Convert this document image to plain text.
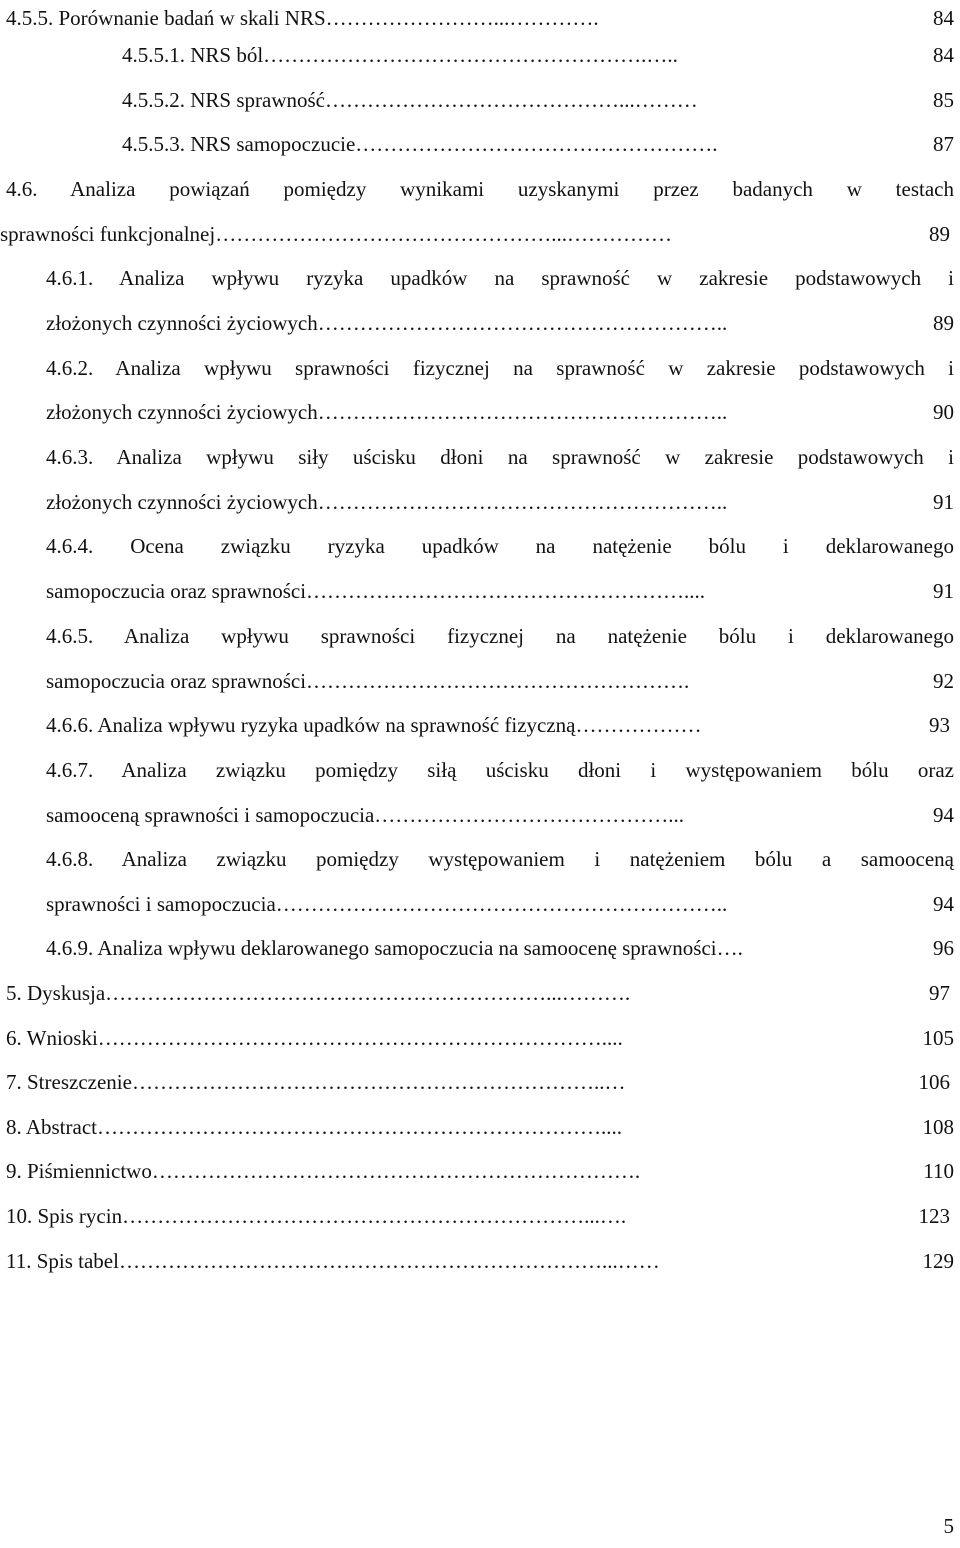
4.5.5. Porównanie badań w skali NRS……………………...………….	84
4.5.5.1. NRS ból……………………………………………….…..	84
4.5.5.2. NRS sprawność……………………………………...………	85
4.5.5.3. NRS samopoczucie…………………………………………….	87
4.6. Analiza powiązań pomiędzy wynikami uzyskanymi przez badanych w testach
sprawności funkcjonalnej…………………………………………...……………	89
4.6.1. Analiza wpływu ryzyka upadków na sprawność w zakresie podstawowych i
złożonych czynności życiowych…………………………………………………..	89
4.6.2. Analiza wpływu sprawności fizycznej na sprawność w zakresie podstawowych i
złożonych czynności życiowych…………………………………………………..	90
4.6.3. Analiza wpływu siły uścisku dłoni na sprawność w zakresie podstawowych i
złożonych czynności życiowych…………………………………………………..	91
4.6.4. Ocena związku ryzyka upadków na natężenie bólu i deklarowanego
samopoczucia oraz sprawności………………………………………………....	91
4.6.5. Analiza wpływu sprawności fizycznej na natężenie bólu i deklarowanego
samopoczucia oraz sprawności……………………………………………….	92
4.6.6. Analiza wpływu ryzyka upadków na sprawność fizyczną………………	93
4.6.7. Analiza związku pomiędzy siłą uścisku dłoni i występowaniem bólu oraz
samooceną sprawności i samopoczucia……………………………………...	94
4.6.8. Analiza związku pomiędzy występowaniem i natężeniem bólu a samooceną
sprawności i samopoczucia………………………………………………………..	94
4.6.9. Analiza wpływu deklarowanego samopoczucia na samoocenę sprawności….	96
5. Dyskusja………………………………………………………...……….	97
6. Wnioski………………………………………………………………....	105
7. Streszczenie…………………………………………………………..…	106
8. Abstract………………………………………………………………....	108
9. Piśmiennictwo…………………………………………………………….	110
10. Spis rycin…………………………………………………………...….	123
11. Spis tabel……………………………………………………………...……	129
5
